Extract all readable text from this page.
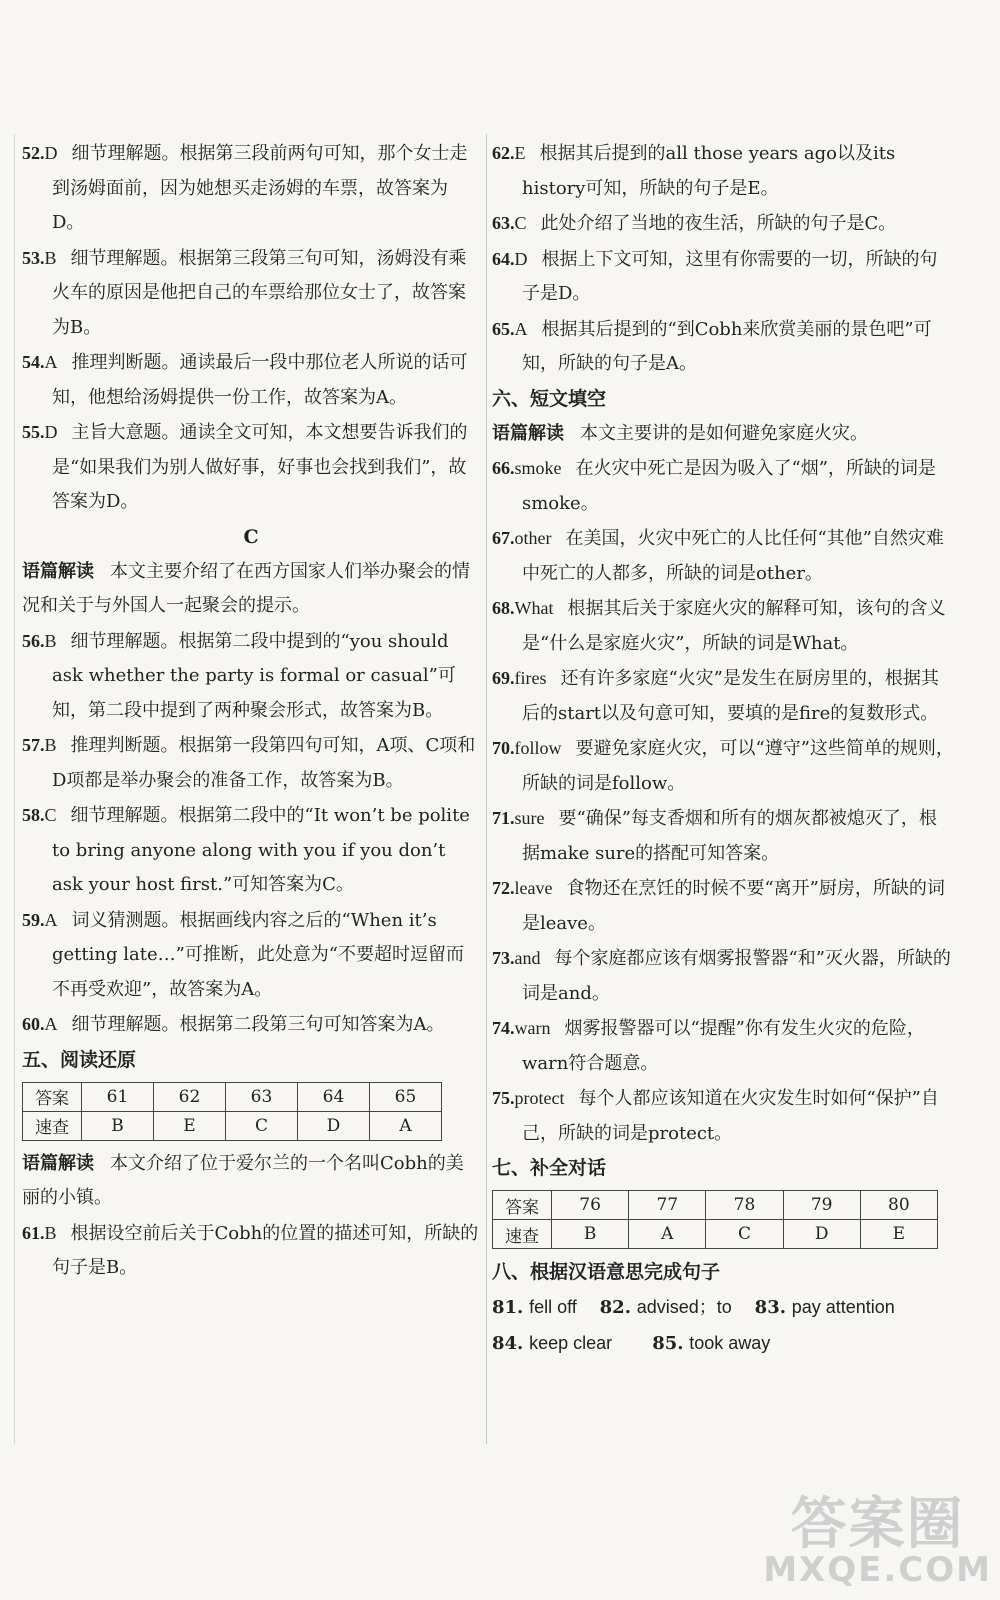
52.D 细节理解题。根据第三段前两句可知，那个女士走到汤姆面前，因为她想买走汤姆的车票，故答案为D。

53.B 细节理解题。根据第三段第三句可知，汤姆没有乘火车的原因是他把自己的车票给那位女士了，故答案为B。

54.A 推理判断题。通读最后一段中那位老人所说的话可知，他想给汤姆提供一份工作，故答案为A。

55.D 主旨大意题。通读全文可知，本文想要告诉我们的是“如果我们为别人做好事，好事也会找到我们”，故答案为D。

C

语篇解读 本文主要介绍了在西方国家人们举办聚会的情况和关于与外国人一起聚会的提示。

56.B 细节理解题。根据第二段中提到的“you should ask whether the party is formal or casual”可知，第二段中提到了两种聚会形式，故答案为B。

57.B 推理判断题。根据第一段第四句可知，A项、C项和D项都是举办聚会的准备工作，故答案为B。

58.C 细节理解题。根据第二段中的“It won’t be polite to bring anyone along with you if you don’t ask your host first.”可知答案为C。

59.A 词义猜测题。根据画线内容之后的“When it’s getting late…”可推断，此处意为“不要超时逗留而不再受欢迎”，故答案为A。

60.A 细节理解题。根据第二段第三句可知答案为A。

五、阅读还原

答案	61	62	63	64	65
速查	B	E	C	D	A

语篇解读 本文介绍了位于爱尔兰的一个名叫Cobh的美丽的小镇。

61.B 根据设空前后关于Cobh的位置的描述可知，所缺的句子是B。

62.E 根据其后提到的all those years ago以及its history可知，所缺的句子是E。

63.C 此处介绍了当地的夜生活，所缺的句子是C。

64.D 根据上下文可知，这里有你需要的一切，所缺的句子是D。

65.A 根据其后提到的“到Cobh来欣赏美丽的景色吧”可知，所缺的句子是A。

六、短文填空

语篇解读 本文主要讲的是如何避免家庭火灾。

66.smoke 在火灾中死亡是因为吸入了“烟”，所缺的词是smoke。

67.other 在美国，火灾中死亡的人比任何“其他”自然灾难中死亡的人都多，所缺的词是other。

68.What 根据其后关于家庭火灾的解释可知，该句的含义是“什么是家庭火灾”，所缺的词是What。

69.fires 还有许多家庭“火灾”是发生在厨房里的，根据其后的start以及句意可知，要填的是fire的复数形式。

70.follow 要避免家庭火灾，可以“遵守”这些简单的规则，所缺的词是follow。

71.sure 要“确保”每支香烟和所有的烟灰都被熄灭了，根据make sure的搭配可知答案。

72.leave 食物还在烹饪的时候不要“离开”厨房，所缺的词是leave。

73.and 每个家庭都应该有烟雾报警器“和”灭火器，所缺的词是and。

74.warn 烟雾报警器可以“提醒”你有发生火灾的危险，warn符合题意。

75.protect 每个人都应该知道在火灾发生时如何“保护”自己，所缺的词是protect。

七、补全对话

答案	76	77	78	79	80
速查	B	A	C	D	E

八、根据汉语意思完成句子

81. fell off 82. advised；to 83. pay attention

84. keep clear 85. took away

答案圈
MXQE.COM
